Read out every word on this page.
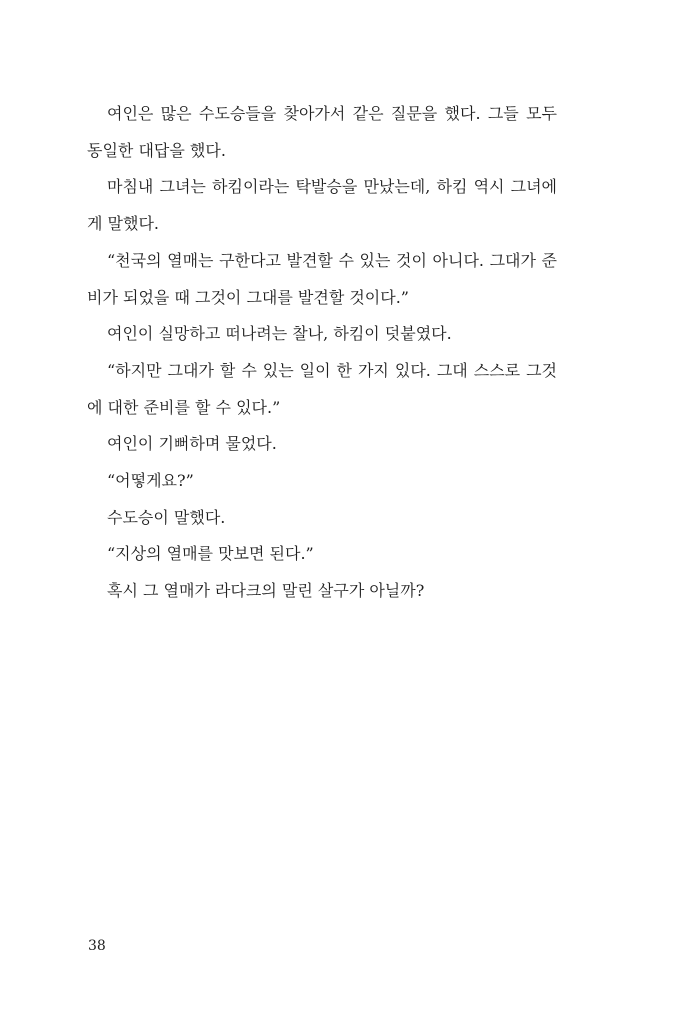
여인은 많은 수도승들을 찾아가서 같은 질문을 했다. 그들 모두 동일한 대답을 했다.

마침내 그녀는 하킴이라는 탁발승을 만났는데, 하킴 역시 그녀에게 말했다.

“천국의 열매는 구한다고 발견할 수 있는 것이 아니다. 그대가 준비가 되었을 때 그것이 그대를 발견할 것이다.”

여인이 실망하고 떠나려는 찰나, 하킴이 덧붙였다.

“하지만 그대가 할 수 있는 일이 한 가지 있다. 그대 스스로 그것에 대한 준비를 할 수 있다.”

여인이 기뻐하며 물었다.

“어떻게요?”

수도승이 말했다.

“지상의 열매를 맛보면 된다.”

혹시 그 열매가 라다크의 말린 살구가 아닐까?

38
